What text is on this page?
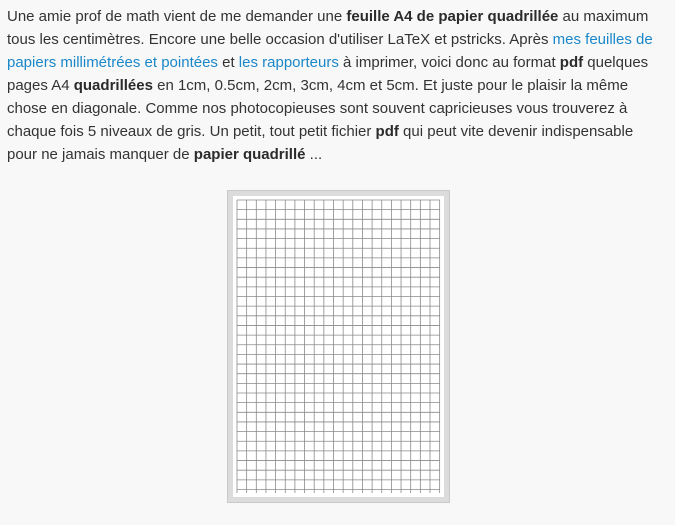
Une amie prof de math vient de me demander une feuille A4 de papier quadrillée au maximum tous les centimètres. Encore une belle occasion d'utiliser LaTeX et pstricks. Après mes feuilles de papiers millimétrées et pointées et les rapporteurs à imprimer, voici donc au format pdf quelques pages A4 quadrillées en 1cm, 0.5cm, 2cm, 3cm, 4cm et 5cm. Et juste pour le plaisir la même chose en diagonale. Comme nos photocopieuses sont souvent capricieuses vous trouverez à chaque fois 5 niveaux de gris. Un petit, tout petit fichier pdf qui peut vite devenir indispensable pour ne jamais manquer de papier quadrillé ...
